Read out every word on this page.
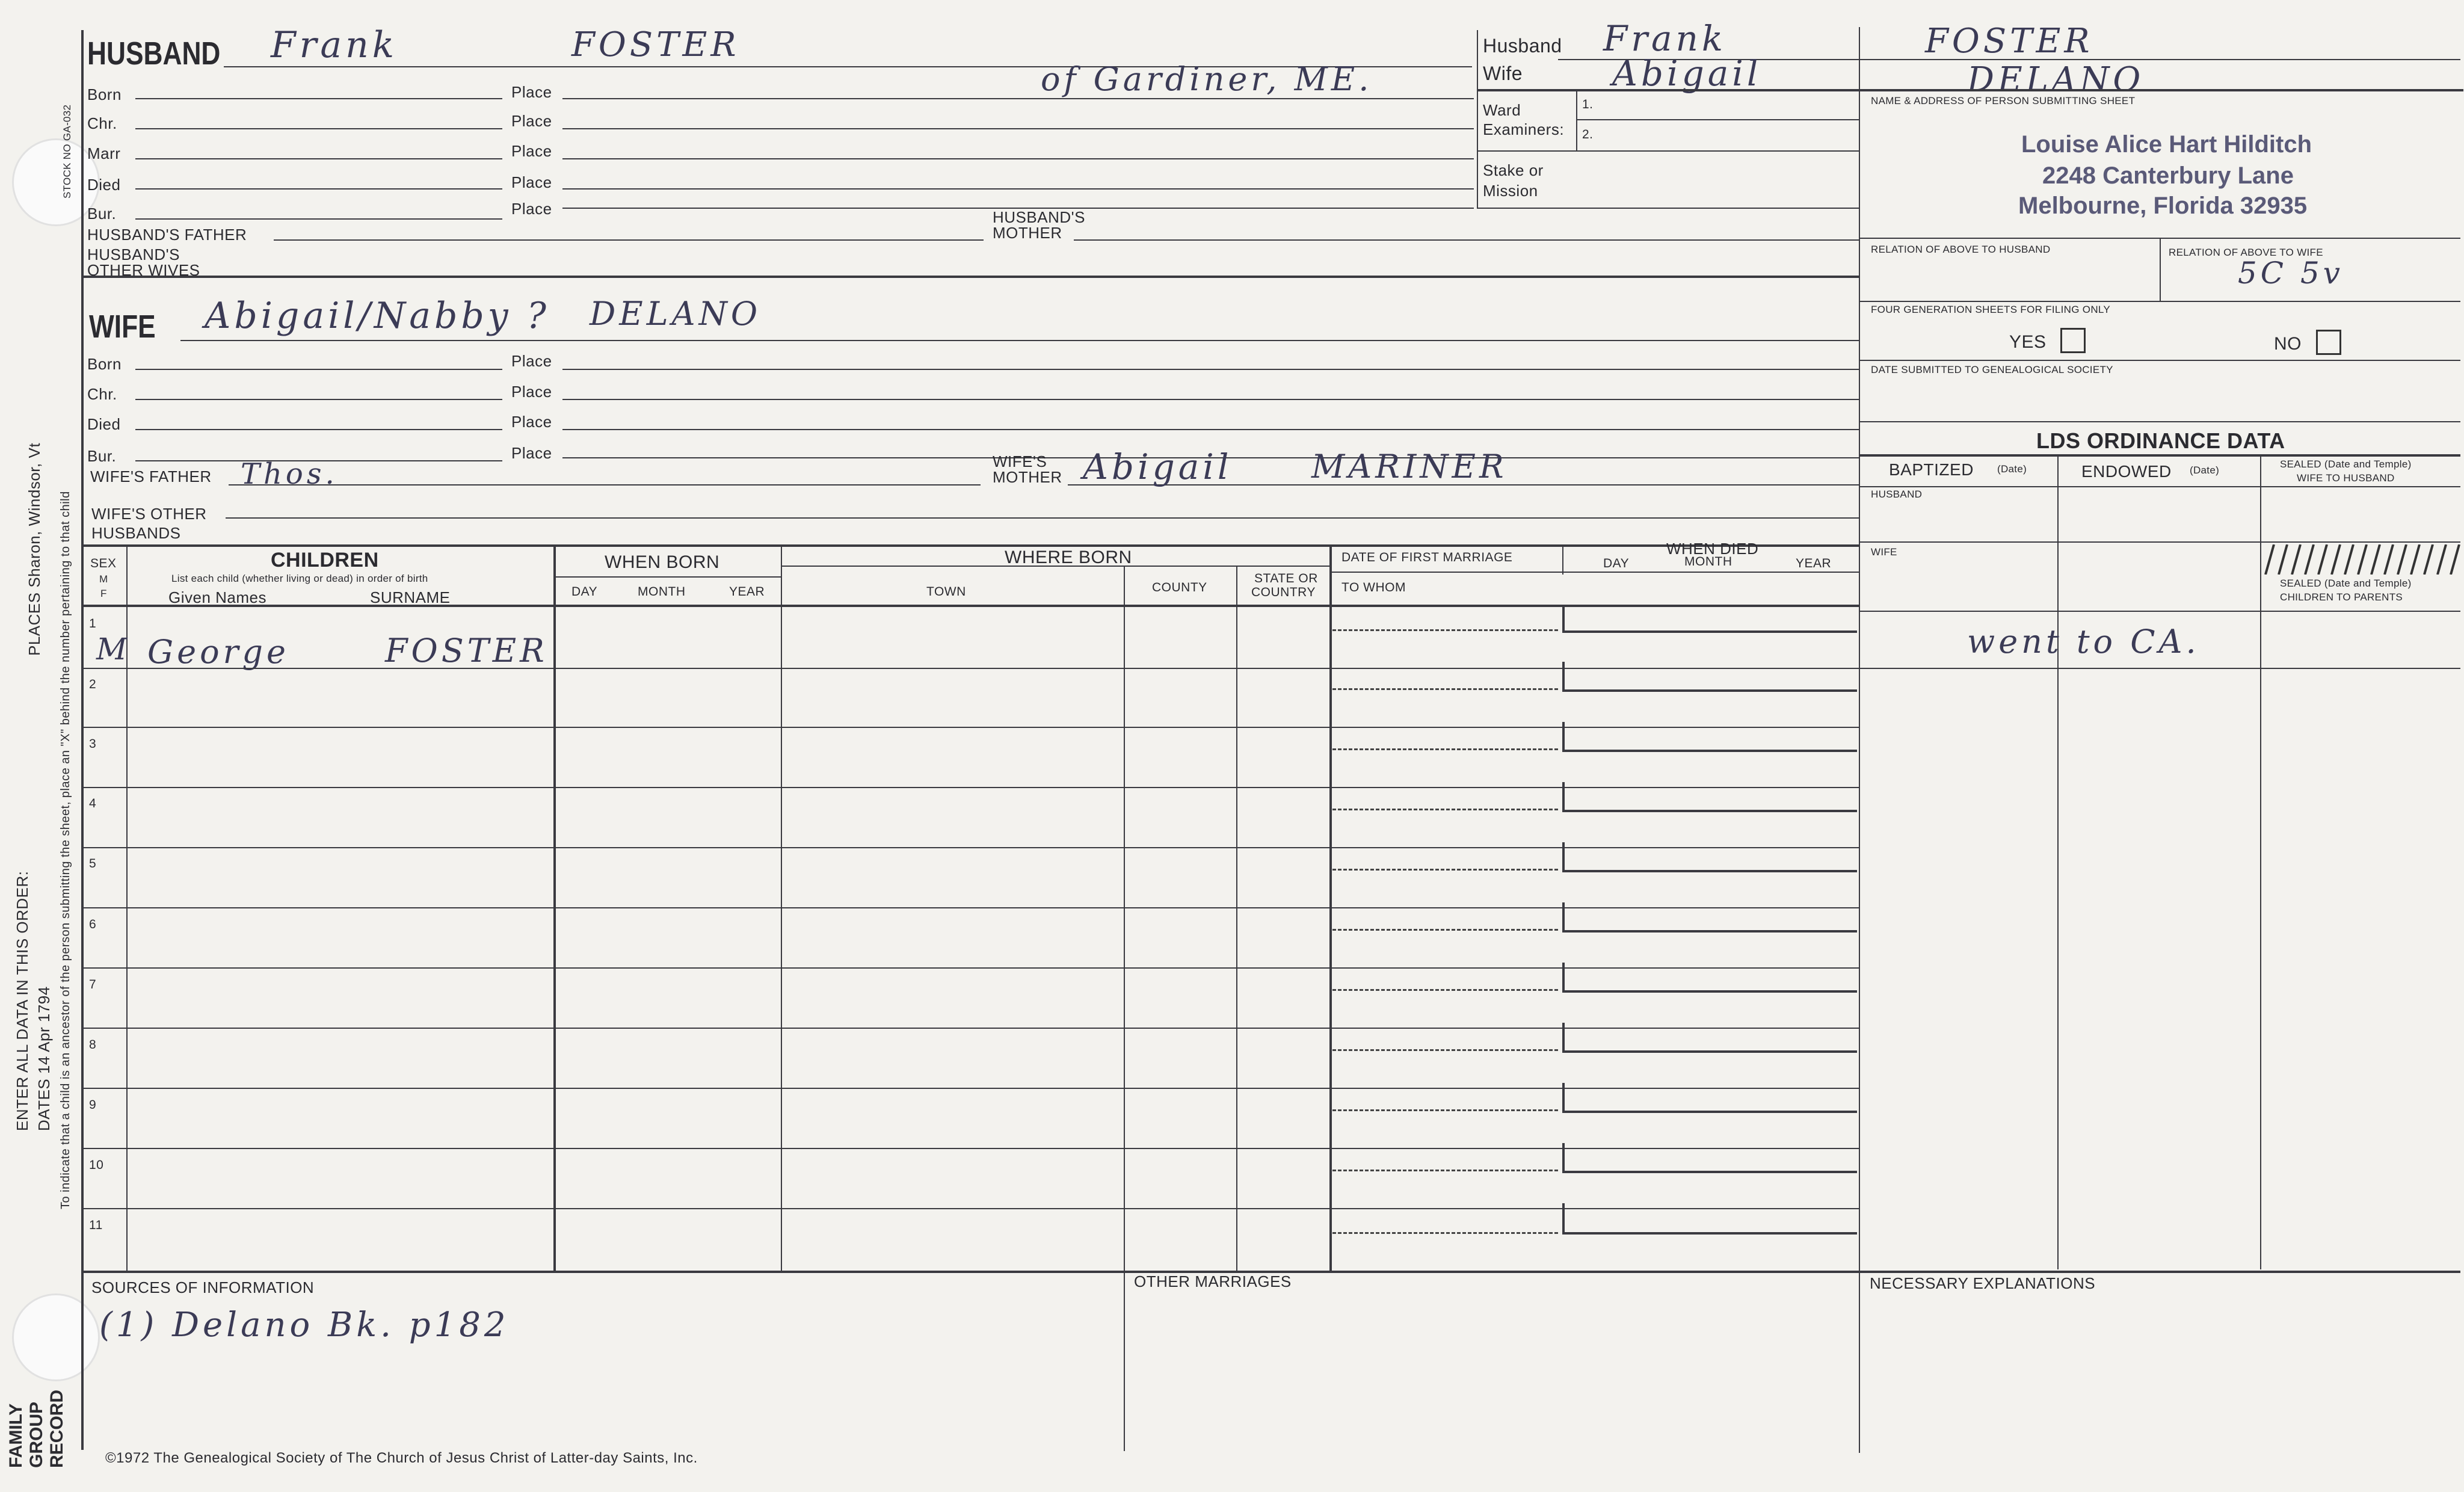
STOCK NO GA-032
To indicate that a child is an ancestor of the person submitting the sheet, place an "X" behind the number pertaining to that child
DATES 14 Apr 1794
PLACES Sharon, Windsor, Vt
ENTER ALL DATA IN THIS ORDER:
FAMILY GROUP RECORD
HUSBAND Frank	FOSTER
of Gardiner, ME.
Born	Place
Chr.	Place
Marr	Place
Died	Place
Bur.	Place
HUSBAND'S FATHER
HUSBAND'S
MOTHER
HUSBAND'S
OTHER WIVES
Husband Frank	FOSTER
Wife	Abigail	DELANO
Ward
Examiners:
1.
2.
Stake or
Mission
NAME & ADDRESS OF PERSON SUBMITTING SHEET
Louise Alice Hart Hilditch
2248 Canterbury Lane
Melbourne, Florida 32935
RELATION OF ABOVE TO HUSBAND	RELATION OF ABOVE TO WIFE
5C 5v
FOUR GENERATION SHEETS FOR FILING ONLY
YES	NO
DATE SUBMITTED TO GENEALOGICAL SOCIETY
LDS ORDINANCE DATA
BAPTIZED (Date)	ENDOWED (Date)
SEALED (Date and Temple)
WIFE TO HUSBAND
HUSBAND
WIFE
SEALED (Date and Temple)
CHILDREN TO PARENTS
went to CA.
WIFE Abigail/Nabby ? DELANO
Born	Place
Chr.	Place
Died	Place
Bur.	Place
WIFE'S FATHER Thos.	WIFE'S
MOTHER Abigail MARINER
WIFE'S OTHER
HUSBANDS
SEX
M
F
CHILDREN
List each child (whether living or dead) in order of birth
Given Names	SURNAME
WHEN BORN
DAY	MONTH	YEAR
WHERE BORN
TOWN	COUNTY
STATE OR
COUNTRY
DATE OF FIRST MARRIAGE
TO WHOM
WHEN DIED
DAY	MONTH	YEAR
1
M George	FOSTER
2
3
4
5
6
7
8
9
10
11
SOURCES OF INFORMATION
(1) Delano Bk. p182
OTHER MARRIAGES	NECESSARY EXPLANATIONS
©1972 The Genealogical Society of The Church of Jesus Christ of Latter-day Saints, Inc.
